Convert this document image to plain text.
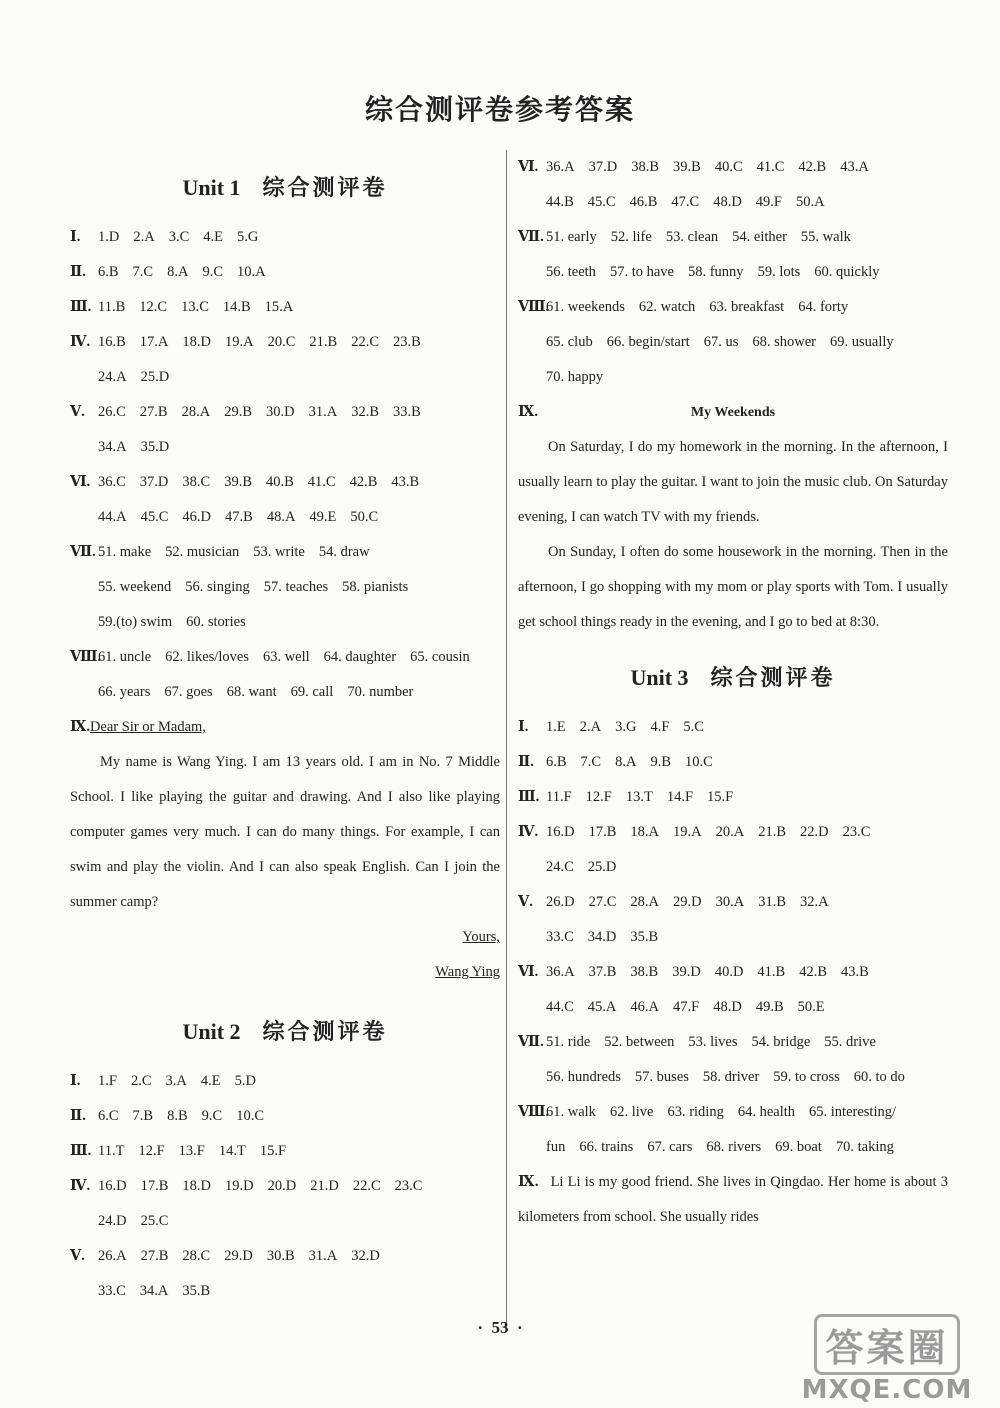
综合测评卷参考答案
Unit 1 综合测评卷
Ⅰ. 1.D 2.A 3.C 4.E 5.G
Ⅱ. 6.B 7.C 8.A 9.C 10.A
Ⅲ. 11.B 12.C 13.C 14.B 15.A
Ⅳ. 16.B 17.A 18.D 19.A 20.C 21.B 22.C 23.B
24.A 25.D
Ⅴ. 26.C 27.B 28.A 29.B 30.D 31.A 32.B 33.B
34.A 35.D
Ⅵ. 36.C 37.D 38.C 39.B 40.B 41.C 42.B 43.B
44.A 45.C 46.D 47.B 48.A 49.E 50.C
Ⅶ. 51. make 52. musician 53. write 54. draw
55. weekend 56. singing 57. teaches 58. pianists
59.(to) swim 60. stories
Ⅷ.61. uncle 62. likes/loves 63. well 64. daughter 65. cousin
66. years 67. goes 68. want 69. call 70. number
Ⅸ.Dear Sir or Madam,
My name is Wang Ying. I am 13 years old. I am in No. 7 Middle School. I like playing the guitar and drawing. And I also like playing computer games very much. I can do many things. For example, I can swim and play the violin. And I can also speak English. Can I join the summer camp?
Yours,
Wang Ying
Unit 2 综合测评卷
Ⅰ. 1.F 2.C 3.A 4.E 5.D
Ⅱ. 6.C 7.B 8.B 9.C 10.C
Ⅲ. 11.T 12.F 13.F 14.T 15.F
Ⅳ. 16.D 17.B 18.D 19.D 20.D 21.D 22.C 23.C
24.D 25.C
Ⅴ. 26.A 27.B 28.C 29.D 30.B 31.A 32.D
33.C 34.A 35.B
Ⅵ. 36.A 37.D 38.B 39.B 40.C 41.C 42.B 43.A
44.B 45.C 46.B 47.C 48.D 49.F 50.A
Ⅶ. 51. early 52. life 53. clean 54. either 55. walk
56. teeth 57. to have 58. funny 59. lots 60. quickly
Ⅷ.61. weekends 62. watch 63. breakfast 64. forty
65. club 66. begin/start 67. us 68. shower 69. usually
70. happy
Ⅸ.	My Weekends
On Saturday, I do my homework in the morning. In the afternoon, I usually learn to play the guitar. I want to join the music club. On Saturday evening, I can watch TV with my friends.
On Sunday, I often do some housework in the morning. Then in the afternoon, I go shopping with my mom or play sports with Tom. I usually get school things ready in the evening, and I go to bed at 8:30.
Unit 3 综合测评卷
Ⅰ. 1.E 2.A 3.G 4.F 5.C
Ⅱ. 6.B 7.C 8.A 9.B 10.C
Ⅲ. 11.F 12.F 13.T 14.F 15.F
Ⅳ. 16.D 17.B 18.A 19.A 20.A 21.B 22.D 23.C
24.C 25.D
Ⅴ. 26.D 27.C 28.A 29.D 30.A 31.B 32.A
33.C 34.D 35.B
Ⅵ. 36.A 37.B 38.B 39.D 40.D 41.B 42.B 43.B
44.C 45.A 46.A 47.F 48.D 49.B 50.E
Ⅶ. 51. ride 52. between 53. lives 54. bridge 55. drive
56. hundreds 57. buses 58. driver 59. to cross 60. to do
Ⅷ.61. walk 62. live 63. riding 64. health 65. interesting/
fun 66. trains 67. cars 68. rivers 69. boat 70. taking
Ⅸ. Li Li is my good friend. She lives in Qingdao. Her home is about 3 kilometers from school. She usually rides
·  53  ·	答案圈
MXQE.COM
